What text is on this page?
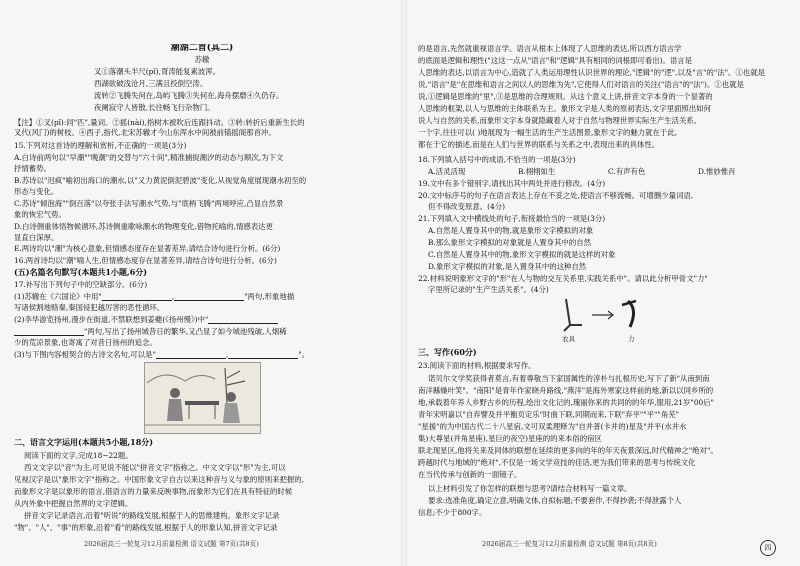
潮湖二首(其二)
苏辙
叉①落潮头半尺(pǐ),胥涛能复素波浑。
西湖欲破浅沧月,三满且投倒空涛。
流转②飞腾失何在,岛屿飞腾③失何在,海舟摆磨④久仍存。
夜阑寂守人皆散,长往畅飞行杂物门。
【注】①叉(pǐ):同"匹",量词。②摇(nài),指树木被吹后连跟抖动。③转:转折后重新生长的
叉代(风门)的树枝。④西子,指代,北宋苏辙才今山东浑水中间被前锚摇阁那首冲。
15.下列对这首诗的理解和赏析,不正确的一项是(3分)
A.白诗前两句以"早潮""晚潮"的交替与"六十间",精准捕捉潮汐的动态与顺次,为下文
抒情蓄势。
B.苏诗以"迟疯"喻初出海口的潮水,以"又力黄泥倒泥碧波"变化,从视觉角度展现潮水初至的
形态与变化。
C.苏诗"倾泡海""倒百落"以夸张手法写潮水气势,与"底柄飞腾"两境呼应,凸显自然景
象的恢宏气势。
D.白诗侧重体悟物候循环,苏诗侧重歌咏潮水的物理变化,借物托喻的,情感表达更
显直白深厚。
E.两诗均以"潮"为核心意象,但情感态度存在显著差异,请结合诗句进行分析。(6分)
16.两首诗均以"潮"喻人生,但情感态度存在显著差异,请结合诗句进行分析。(6分)
(五)名篇名句默写(本题共1小题,6分)
17.补写出下列句子中的空缺部分。(6分)
(1)苏辙在《六国论》中用"	,	"两句,形象地描
写诸侯割地赂秦,秦国侵犯越厉害的恶性循环。
(2)李华游览扬州,漫步在街道,不禁联想到姜夔(《扬州慢》)中"
"两句,写出了扬州城昔日的繁华,又凸显了如今城池残破,人烟稀
少的荒凉景象,也寄寓了对昔日扬州的追念。
(3)与下图内容相契合的古诗文名句,可以是"	,	"。
二、语言文字运用(本题共5小题,18分)
阅读下面的文字,完成18~22题。
西文文字以"音"为主,可见说不能以"拼音文字"指称之。中文文字以"形"为主,可以
见视汉字是以"象形文字"指称之。中国形象文字自古以来这种音与义与象的原则来把握的,
而象形文字是以象形的语言,借语言的力量来反映事物,而象形为它们在具有特征的时候
从内外象中把握自然界的文字逻辑。
拼音文字记录语言,沿着"听说"的路线发展,根据于人的思维建构。象形文字记录
"物"、"人"、"事"的形象,沿着"看"的路线发展,根据于人的形象认知,拼音文字记录
2026届高三一轮复习12月质量检测 语文试题 第7页(共8页)
的是语言,先然就重视语言学。语言从根本上体现了人思维的表达,所以西方语言学
的底面是逻辑和理性("这这一点从"语言"和"逻辑"具有相同的词根即可看出)。语言是
人思维的表达,以语言为中心,造就了人类运用理性认识世界的理论,"逻辑"的"逻",以及"言"的"法"。①也就是
说,"语言"是"在思维和语言之间以人的思维为先",它使得人们对语言的关注("语言"的"法")。①也就是
说,①逻辑是思维的"里",③是思维的合理规则。从这个意义上讲,拼音文字本身的一个显著的
人思维的框架,以人与思维的主体联系为主。象形文字是人类的原初表达,文字里面照出如何
说人与自然的关系,而象形文字本身就隐藏着人对于自然与物理世界实际生产生活关系。
一个字,往往可以( )地展现为一幅生活的生产生活图景,象形文字的魅力就在于此,
都在于它的描述,而是在人们与世界的联系与关系之中,表现出来的具体性。
18.下列填入括号中的成语,不恰当的一项是(3分)
A.活灵活现	B.栩栩如生	C.有声有色	D.惟妙惟肖
19.文中有多个错别字,请找出其中两处并进行修改。(4分)
20.文中标序号的句子在语言表达上存在不妥之处,使语言不够流畅。可增删少量词语,
但不得改变原意。(4分)
21.下列填入文中横线处的句子,衔接最恰当的一项是(3分)
A.自然是人置身其中的物,就是象形文字模拟的对象
B.那么象形文字模拟的对象就是人置身其中的自然
C.自然是人置身其中的物,象形文字模拟的就是这样的对象
D.象形文字模拟的对象,是人置身其中的这种自然
22.材料说明象形文字的"形"在人与物的交互关系里,实践关系中"。请以此分析甲骨文"力"
字里所记录的"生产生活关系"。(4分)
农具	力
三、写作(60分)
23.阅读下面的材料,根据要求写作。
诺贝尔文学奖获得者莫言,有着尊敬当下家国属性的淳朴与扎根历史,写下了新"从南到南
南洋縣燥叶笑"。"南阳"是青年作家晓舟路线,"燕洋"是海外寒家这样前的地,新以以同乡所的
地,承载着年养人乡野古乡的历程,绘出文化记的,瑰丽你来的共同的的年华,服用,21岁"00后"
青年宋明嘉以"自弃譬及并平衡页定乐"时曲下联,同期而来,下联"弃平""平""角芜"
"星援"的为中国古代二十八星宿,文可双柔理释为"自并普(卡并的)星及"并平(水并水
集)大尊星(并角星座),星巨的夜空)星座的的来本俗的宿区
联北现星区,他将关来及同体的联想在延续的更多向的年的年天夜景深远,时代精神之"绝对"。
跨越时代与地域的"绝对",不仅是一场文学竞技的佳话,更为我们带来的思考与传统文化
在当代传承与创新的一面镜子。
以上材料引发了你怎样的联想与思考?请结合材料写一篇文章。
要求:选准角度,确定立意,明确文体,自拟标题;不要套作,不得抄袭;不得泄露个人
信息;不少于800字。
2026届高三一轮复习12月质量检测 语文试题 第8页(共8页)	四
